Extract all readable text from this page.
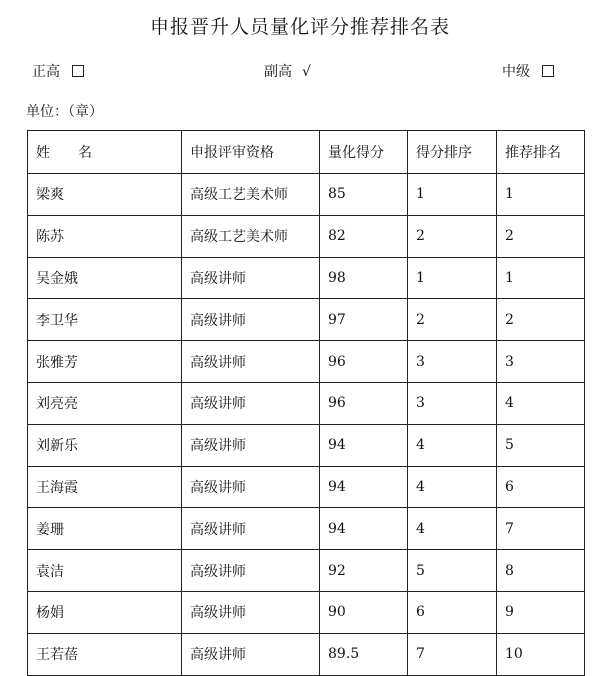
申报晋升人员量化评分推荐排名表
正高	副高 √	中级
单位：（章）
姓　　名	申报评审资格	量化得分	得分排序	推荐排名
梁爽	高级工艺美术师	85	1	1
陈苏	高级工艺美术师	82	2	2
吴金娥	高级讲师	98	1	1
李卫华	高级讲师	97	2	2
张雅芳	高级讲师	96	3	3
刘亮亮	高级讲师	96	3	4
刘新乐	高级讲师	94	4	5
王海霞	高级讲师	94	4	6
姜珊	高级讲师	94	4	7
袁洁	高级讲师	92	5	8
杨娟	高级讲师	90	6	9
王若蓓	高级讲师	89.5	7	10
